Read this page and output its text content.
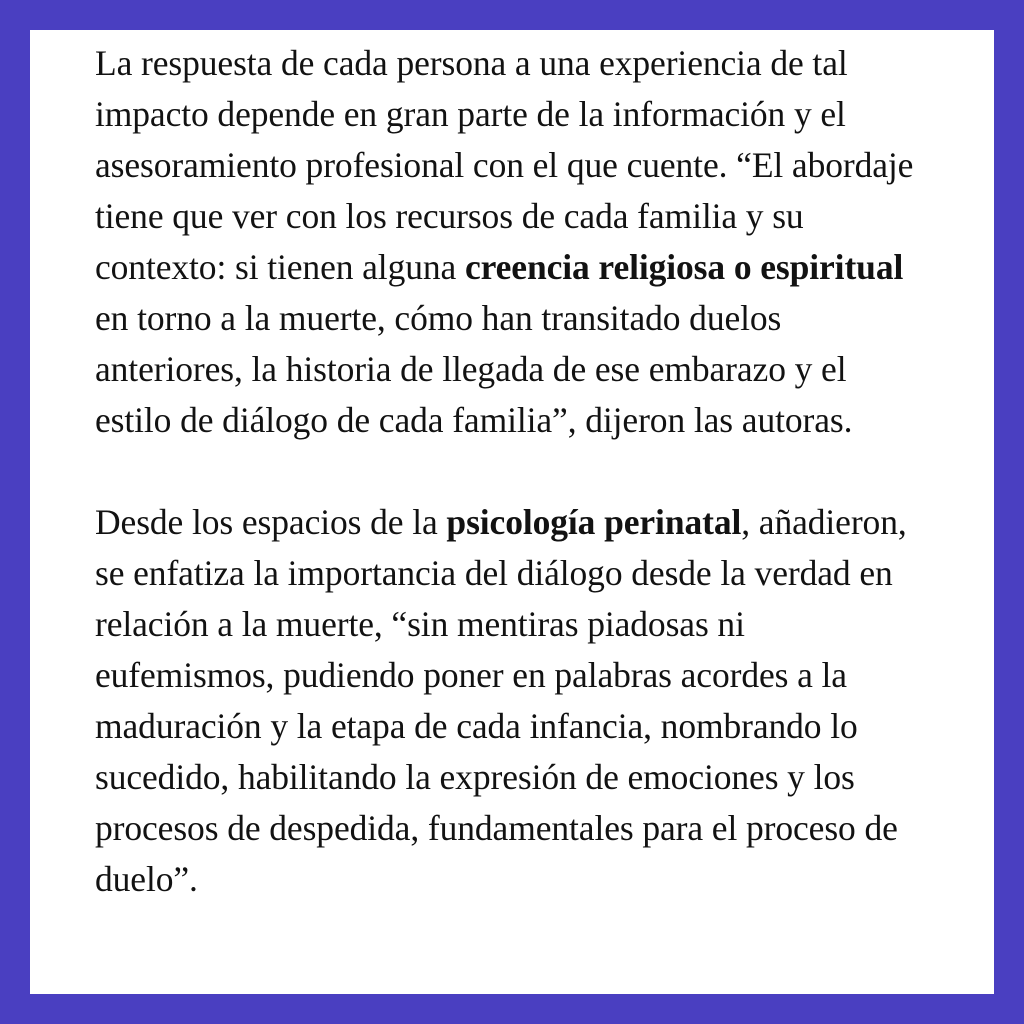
La respuesta de cada persona a una experiencia de tal impacto depende en gran parte de la información y el asesoramiento profesional con el que cuente. “El abordaje tiene que ver con los recursos de cada familia y su contexto: si tienen alguna creencia religiosa o espiritual en torno a la muerte, cómo han transitado duelos anteriores, la historia de llegada de ese embarazo y el estilo de diálogo de cada familia”, dijeron las autoras.

Desde los espacios de la psicología perinatal, añadieron, se enfatiza la importancia del diálogo desde la verdad en relación a la muerte, “sin mentiras piadosas ni eufemismos, pudiendo poner en palabras acordes a la maduración y la etapa de cada infancia, nombrando lo sucedido, habilitando la expresión de emociones y los procesos de despedida, fundamentales para el proceso de duelo”.
